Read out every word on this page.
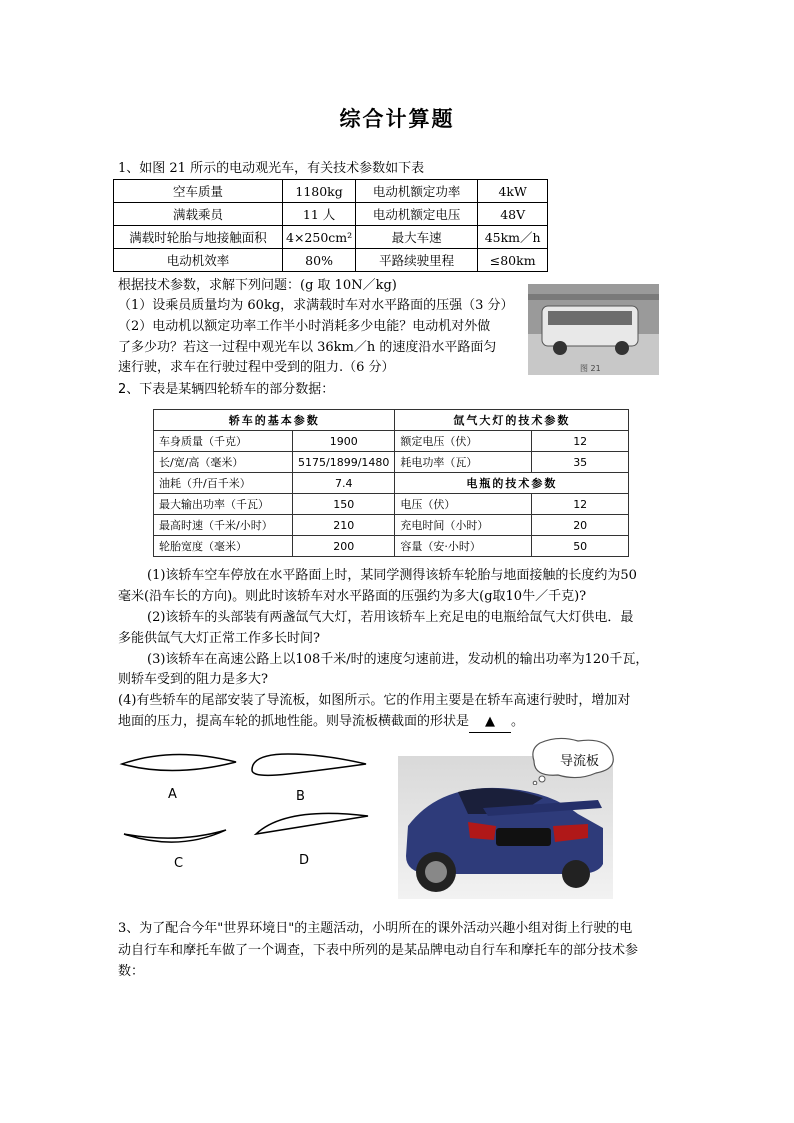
综合计算题
1、如图 21 所示的电动观光车，有关技术参数如下表
空车质量	1180kg	电动机额定功率	4kW
满载乘员	11 人	电动机额定电压	48V
满载时轮胎与地接触面积	4×250cm²	最大车速	45km／h
电动机效率	80%	平路续驶里程	≤80km
根据技术参数，求解下列问题：(g 取 10N／kg)
（1）设乘员质量均为 60kg，求满载时车对水平路面的压强（3 分）
（2）电动机以额定功率工作半小时消耗多少电能？电动机对外做
了多少功？若这一过程中观光车以 36km／h 的速度沿水平路面匀
速行驶，求车在行驶过程中受到的阻力.（6 分）	图 21
2、下表是某辆四轮轿车的部分数据：
轿车的基本参数		氙气大灯的技术参数	
车身质量（千克）	1900	额定电压（伏）	12
长/宽/高（毫米）	5175/1899/1480	耗电功率（瓦）	35
油耗（升/百千米）	7.4	电瓶的技术参数	
最大输出功率（千瓦）	150	电压（伏）	12
最高时速（千米/小时）	210	充电时间（小时）	20
轮胎宽度（毫米）	200	容量（安·小时）	50
(1)该轿车空车停放在水平路面上时，某同学测得该轿车轮胎与地面接触的长度约为50
毫米(沿车长的方向)。则此时该轿车对水平路面的压强约为多大(g取10牛／千克)?
(2)该轿车的头部装有两盏氙气大灯，若用该轿车上充足电的电瓶给氙气大灯供电．最
多能供氙气大灯正常工作多长时间?
(3)该轿车在高速公路上以108千米/时的速度匀速前进，发动机的输出功率为120千瓦，
则轿车受到的阻力是多大?
(4)有些轿车的尾部安装了导流板，如图所示。它的作用主要是在轿车高速行驶时，增加对
地面的压力，提高车轮的抓地性能。则导流板横截面的形状是 ▲ 。
A	B
C	D
导流板
3、为了配合今年"世界环境日"的主题活动，小明所在的课外活动兴趣小组对街上行驶的电
动自行车和摩托车做了一个调查，下表中所列的是某品牌电动自行车和摩托车的部分技术参
数：
